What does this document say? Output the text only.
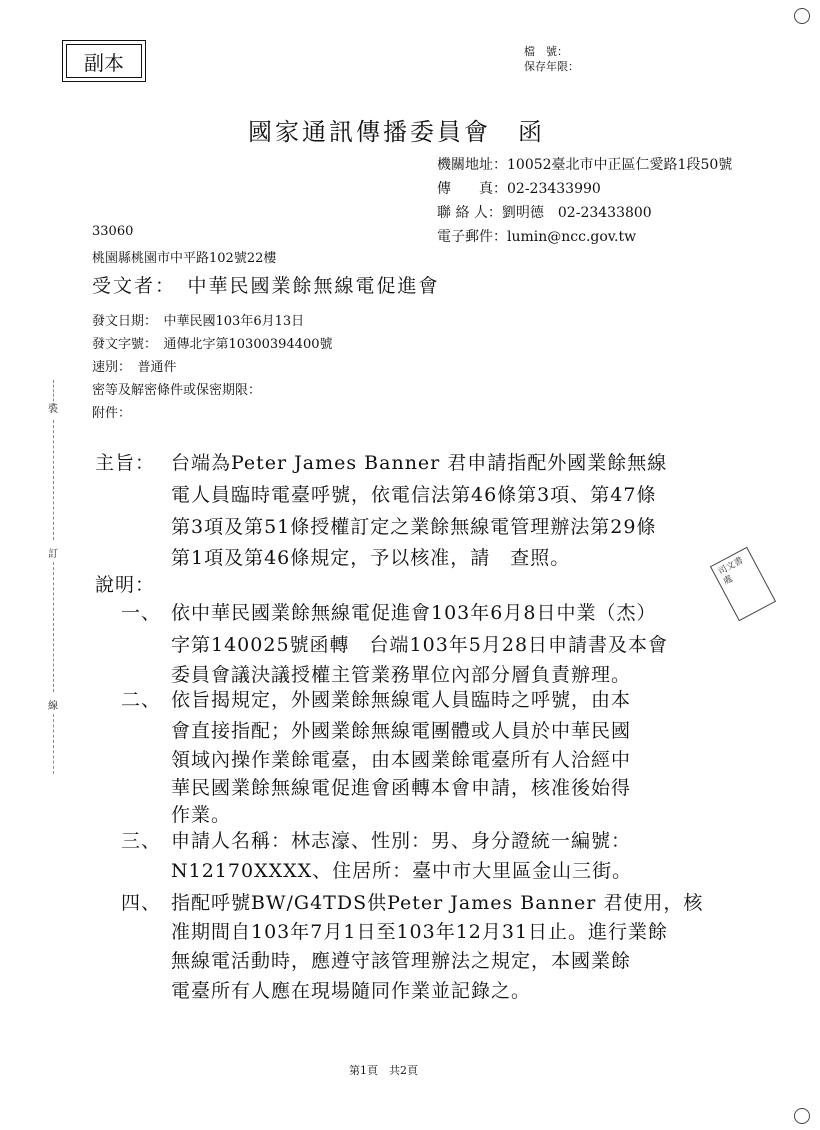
副本	檔　號：
保存年限：
國家通訊傳播委員會　函
機關地址：10052臺北市中正區仁愛路1段50號
傳　　真：02-23433990
聯 絡 人：劉明德　02-23433800
電子郵件：lumin@ncc.gov.tw
33060
桃園縣桃園市中平路102號22樓
受文者：　中華民國業餘無線電促進會
發文日期：　中華民國103年6月13日
發文字號：　通傳北字第10300394400號
速別：　普通件
密等及解密條件或保密期限：
附件：
裝
訂
線
主旨： 台端為Peter James Banner 君申請指配外國業餘無線
電人員臨時電臺呼號，依電信法第46條第3項、第47條
第3項及第51條授權訂定之業餘無線電管理辦法第29條
第1項及第46條規定，予以核准，請　查照。
說明：
一、 依中華民國業餘無線電促進會103年6月8日中業（杰）
字第140025號函轉　台端103年5月28日申請書及本會
委員會議決議授權主管業務單位內部分層負責辦理。
二、 依旨揭規定，外國業餘無線電人員臨時之呼號，由本
會直接指配；外國業餘無線電團體或人員於中華民國
領域內操作業餘電臺，由本國業餘電臺所有人洽經中
華民國業餘無線電促進會函轉本會申請，核准後始得
作業。
三、 申請人名稱：林志濠、性別：男、身分證統一編號：
N12170XXXX、住居所：臺中市大里區金山三街。
四、 指配呼號BW/G4TDS供Peter James Banner 君使用，核
准期間自103年7月1日至103年12月31日止。進行業餘
無線電活動時，應遵守該管理辦法之規定，本國業餘
電臺所有人應在現場隨同作業並記錄之。
司文書處
第1頁　共2頁
